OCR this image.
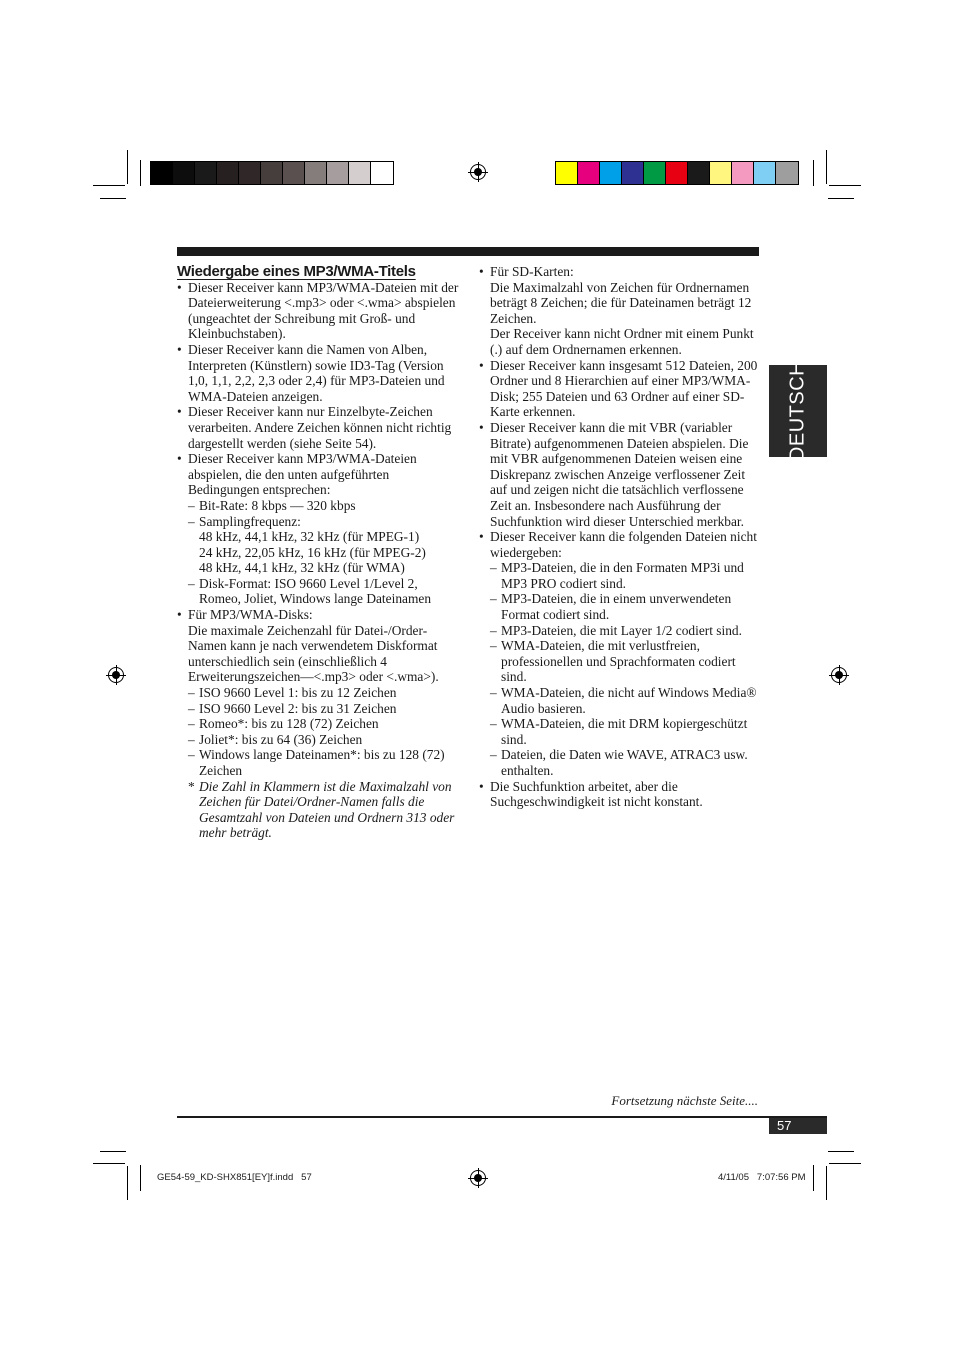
Wiedergabe eines MP3/WMA-Titels

• Dieser Receiver kann MP3/WMA-Dateien mit der Dateierweiterung <.mp3> oder <.wma> abspielen (ungeachtet der Schreibung mit Groß- und Kleinbuchstaben).

• Dieser Receiver kann die Namen von Alben, Interpreten (Künstlern) sowie ID3-Tag (Version 1,0, 1,1, 2,2, 2,3 oder 2,4) für MP3-Dateien und WMA-Dateien anzeigen.

• Dieser Receiver kann nur Einzelbyte-Zeichen verarbeiten. Andere Zeichen können nicht richtig dargestellt werden (siehe Seite 54).

• Dieser Receiver kann MP3/WMA-Dateien abspielen, die den unten aufgeführten Bedingungen entsprechen:

– Bit-Rate: 8 kbps — 320 kbps

– Samplingfrequenz:

48 kHz, 44,1 kHz, 32 kHz (für MPEG-1)

24 kHz, 22,05 kHz, 16 kHz (für MPEG-2)

48 kHz, 44,1 kHz, 32 kHz (für WMA)

– Disk-Format: ISO 9660 Level 1/Level 2, Romeo, Joliet, Windows lange Dateinamen

• Für MP3/WMA-Disks:

Die maximale Zeichenzahl für Datei-/Order-Namen kann je nach verwendetem Diskformat unterschiedlich sein (einschließlich 4 Erweiterungszeichen—<.mp3> oder <.wma>).

– ISO 9660 Level 1: bis zu 12 Zeichen

– ISO 9660 Level 2: bis zu 31 Zeichen

– Romeo*: bis zu 128 (72) Zeichen

– Joliet*: bis zu 64 (36) Zeichen

– Windows lange Dateinamen*: bis zu 128 (72) Zeichen

* Die Zahl in Klammern ist die Maximalzahl von Zeichen für Datei/Ordner-Namen falls die Gesamtzahl von Dateien und Ordnern 313 oder mehr beträgt.

• Für SD-Karten:

Die Maximalzahl von Zeichen für Ordnernamen beträgt 8 Zeichen; die für Dateinamen beträgt 12 Zeichen.

Der Receiver kann nicht Ordner mit einem Punkt (.) auf dem Ordnernamen erkennen.

• Dieser Receiver kann insgesamt 512 Dateien, 200 Ordner und 8 Hierarchien auf einer MP3/WMA-Disk; 255 Dateien und 63 Ordner auf einer SD-Karte erkennen.

• Dieser Receiver kann die mit VBR (variabler Bitrate) aufgenommenen Dateien abspielen. Die mit VBR aufgenommenen Dateien weisen eine Diskrepanz zwischen Anzeige verflossener Zeit auf und zeigen nicht die tatsächlich verflossene Zeit an. Insbesondere nach Ausführung der Suchfunktion wird dieser Unterschied merkbar.

• Dieser Receiver kann die folgenden Dateien nicht wiedergeben:

– MP3-Dateien, die in den Formaten MP3i und MP3 PRO codiert sind.

– MP3-Dateien, die in einem unverwendeten Format codiert sind.

– MP3-Dateien, die mit Layer 1/2 codiert sind.

– WMA-Dateien, die mit verlustfreien, professionellen und Sprachformaten codiert sind.

– WMA-Dateien, die nicht auf Windows Media® Audio basieren.

– WMA-Dateien, die mit DRM kopiergeschützt sind.

– Dateien, die Daten wie WAVE, ATRAC3 usw. enthalten.

• Die Suchfunktion arbeitet, aber die Suchgeschwindigkeit ist nicht konstant.

DEUTSCH
Fortsetzung nächste Seite....
57
GE54-59_KD-SHX851[EY]f.indd   57	4/11/05   7:07:56 PM
